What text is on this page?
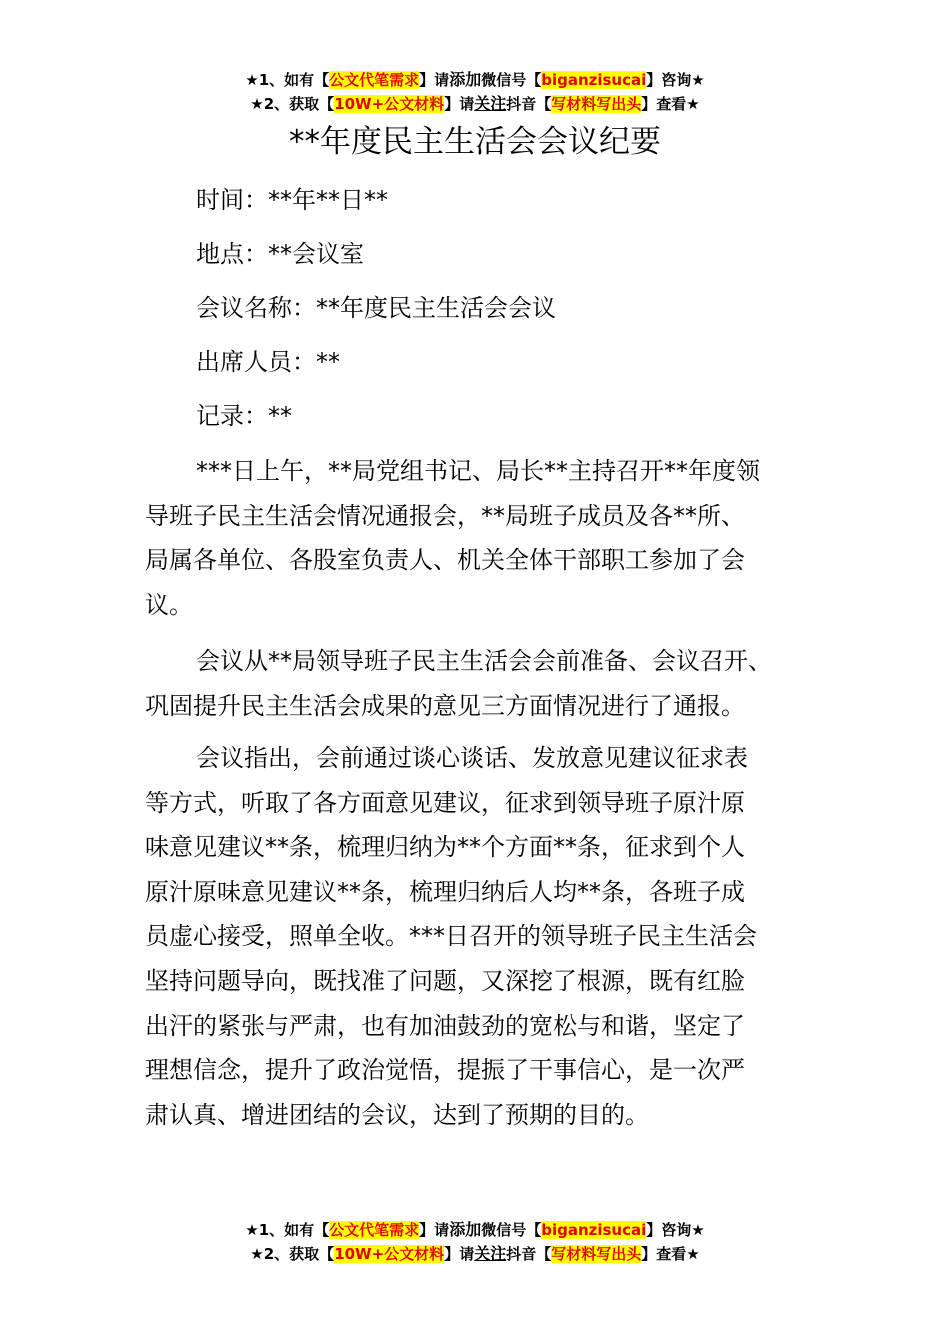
★1、如有【公文代笔需求】请添加微信号【biganzisucai】咨询★
★2、获取【10W+公文材料】请关注抖音【写材料写出头】查看★
**年度民主生活会会议纪要
时间：**年**日**
地点：**会议室
会议名称：**年度民主生活会会议
出席人员：**
记录：**
***日上午，**局党组书记、局长**主持召开**年度领
导班子民主生活会情况通报会，**局班子成员及各**所、
局属各单位、各股室负责人、机关全体干部职工参加了会
议。
会议从**局领导班子民主生活会会前准备、会议召开、
巩固提升民主生活会成果的意见三方面情况进行了通报。
会议指出，会前通过谈心谈话、发放意见建议征求表
等方式，听取了各方面意见建议，征求到领导班子原汁原
味意见建议**条，梳理归纳为**个方面**条，征求到个人
原汁原味意见建议**条，梳理归纳后人均**条，各班子成
员虚心接受，照单全收。***日召开的领导班子民主生活会
坚持问题导向，既找准了问题，又深挖了根源，既有红脸
出汗的紧张与严肃，也有加油鼓劲的宽松与和谐，坚定了
理想信念，提升了政治觉悟，提振了干事信心，是一次严
肃认真、增进团结的会议，达到了预期的目的。
★1、如有【公文代笔需求】请添加微信号【biganzisucai】咨询★
★2、获取【10W+公文材料】请关注抖音【写材料写出头】查看★
